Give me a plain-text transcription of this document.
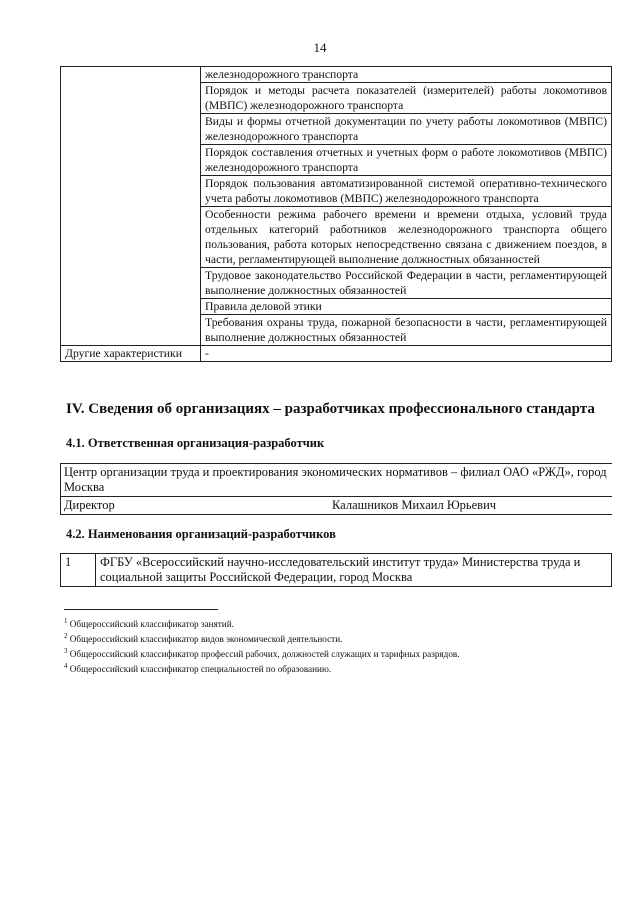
14
	железнодорожного транспорта
	Порядок и методы расчета показателей (измерителей) работы локомотивов (МВПС) железнодорожного транспорта
	Виды и формы отчетной документации по учету работы локомотивов (МВПС) железнодорожного транспорта
	Порядок составления отчетных и учетных форм о работе локомотивов (МВПС) железнодорожного транспорта
	Порядок пользования автоматизированной системой оперативно-технического учета работы локомотивов (МВПС) железнодорожного транспорта
	Особенности режима рабочего времени и времени отдыха, условий труда отдельных категорий работников железнодорожного транспорта общего пользования, работа которых непосредственно связана с движением поездов, в части, регламентирующей выполнение должностных обязанностей
	Трудовое законодательство Российской Федерации в части, регламентирующей выполнение должностных обязанностей
	Правила деловой этики
	Требования охраны труда, пожарной безопасности в части, регламентирующей выполнение должностных обязанностей
Другие характеристики	-
IV. Сведения об организациях – разработчиках профессионального стандарта
4.1. Ответственная организация-разработчик
Центр организации труда и проектирования экономических нормативов – филиал ОАО «РЖД», город Москва
Директор	Калашников Михаил Юрьевич
4.2. Наименования организаций-разработчиков
1	ФГБУ «Всероссийский научно-исследовательский институт труда» Министерства труда и социальной защиты Российской Федерации, город Москва
$^1$ Общероссийский классификатор занятий.
$^2$ Общероссийский классификатор видов экономической деятельности.
$^3$ Общероссийский классификатор профессий рабочих, должностей служащих и тарифных разрядов.
$^4$ Общероссийский классификатор специальностей по образованию.
